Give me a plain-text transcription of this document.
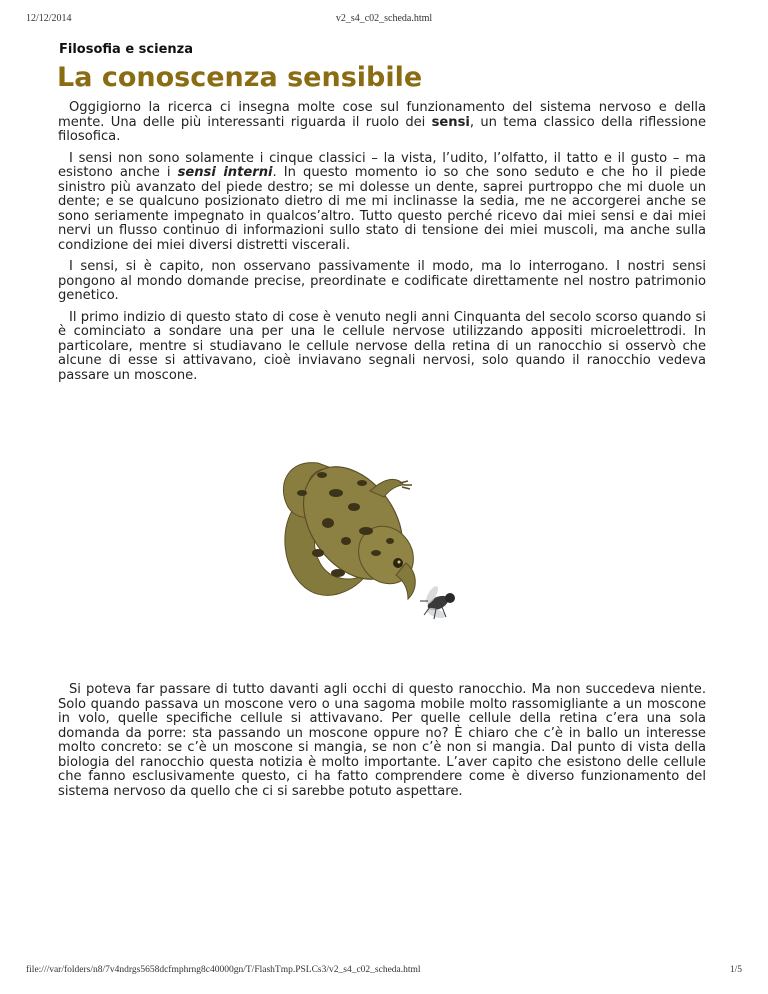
12/12/2014	v2_s4_c02_scheda.html
Filosofia e scienza
La conoscenza sensibile

Oggigiorno la ricerca ci insegna molte cose sul funzionamento del sistema nervoso e della mente. Una delle più interessanti riguarda il ruolo dei sensi, un tema classico della riflessione filosofica.

I sensi non sono solamente i cinque classici – la vista, l’udito, l’olfatto, il tatto e il gusto – ma esistono anche i sensi interni. In questo momento io so che sono seduto e che ho il piede sinistro più avanzato del piede destro; se mi dolesse un dente, saprei purtroppo che mi duole un dente; e se qualcuno posizionato dietro di me mi inclinasse la sedia, me ne accorgerei anche se sono seriamente impegnato in qualcos’altro. Tutto questo perché ricevo dai miei sensi e dai miei nervi un flusso continuo di informazioni sullo stato di tensione dei miei muscoli, ma anche sulla condizione dei miei diversi distretti viscerali.

I sensi, si è capito, non osservano passivamente il modo, ma lo interrogano. I nostri sensi pongono al mondo domande precise, preordinate e codificate direttamente nel nostro patrimonio genetico.

Il primo indizio di questo stato di cose è venuto negli anni Cinquanta del secolo scorso quando si è cominciato a sondare una per una le cellule nervose utilizzando appositi microelettrodi. In particolare, mentre si studiavano le cellule nervose della retina di un ranocchio si osservò che alcune di esse si attivavano, cioè inviavano segnali nervosi, solo quando il ranocchio vedeva passare un moscone.

Si poteva far passare di tutto davanti agli occhi di questo ranocchio. Ma non succedeva niente. Solo quando passava un moscone vero o una sagoma mobile molto rassomigliante a un moscone in volo, quelle specifiche cellule si attivavano. Per quelle cellule della retina c’era una sola domanda da porre: sta passando un moscone oppure no? È chiaro che c’è in ballo un interesse molto concreto: se c’è un moscone si mangia, se non c’è non si mangia. Dal punto di vista della biologia del ranocchio questa notizia è molto importante. L’aver capito che esistono delle cellule che fanno esclusivamente questo, ci ha fatto comprendere come è diverso funzionamento del sistema nervoso da quello che ci si sarebbe potuto aspettare.

file:///var/folders/n8/7v4ndrgs5658dcfmphrng8c40000gn/T/FlashTmp.PSLCs3/v2_s4_c02_scheda.html	1/5
